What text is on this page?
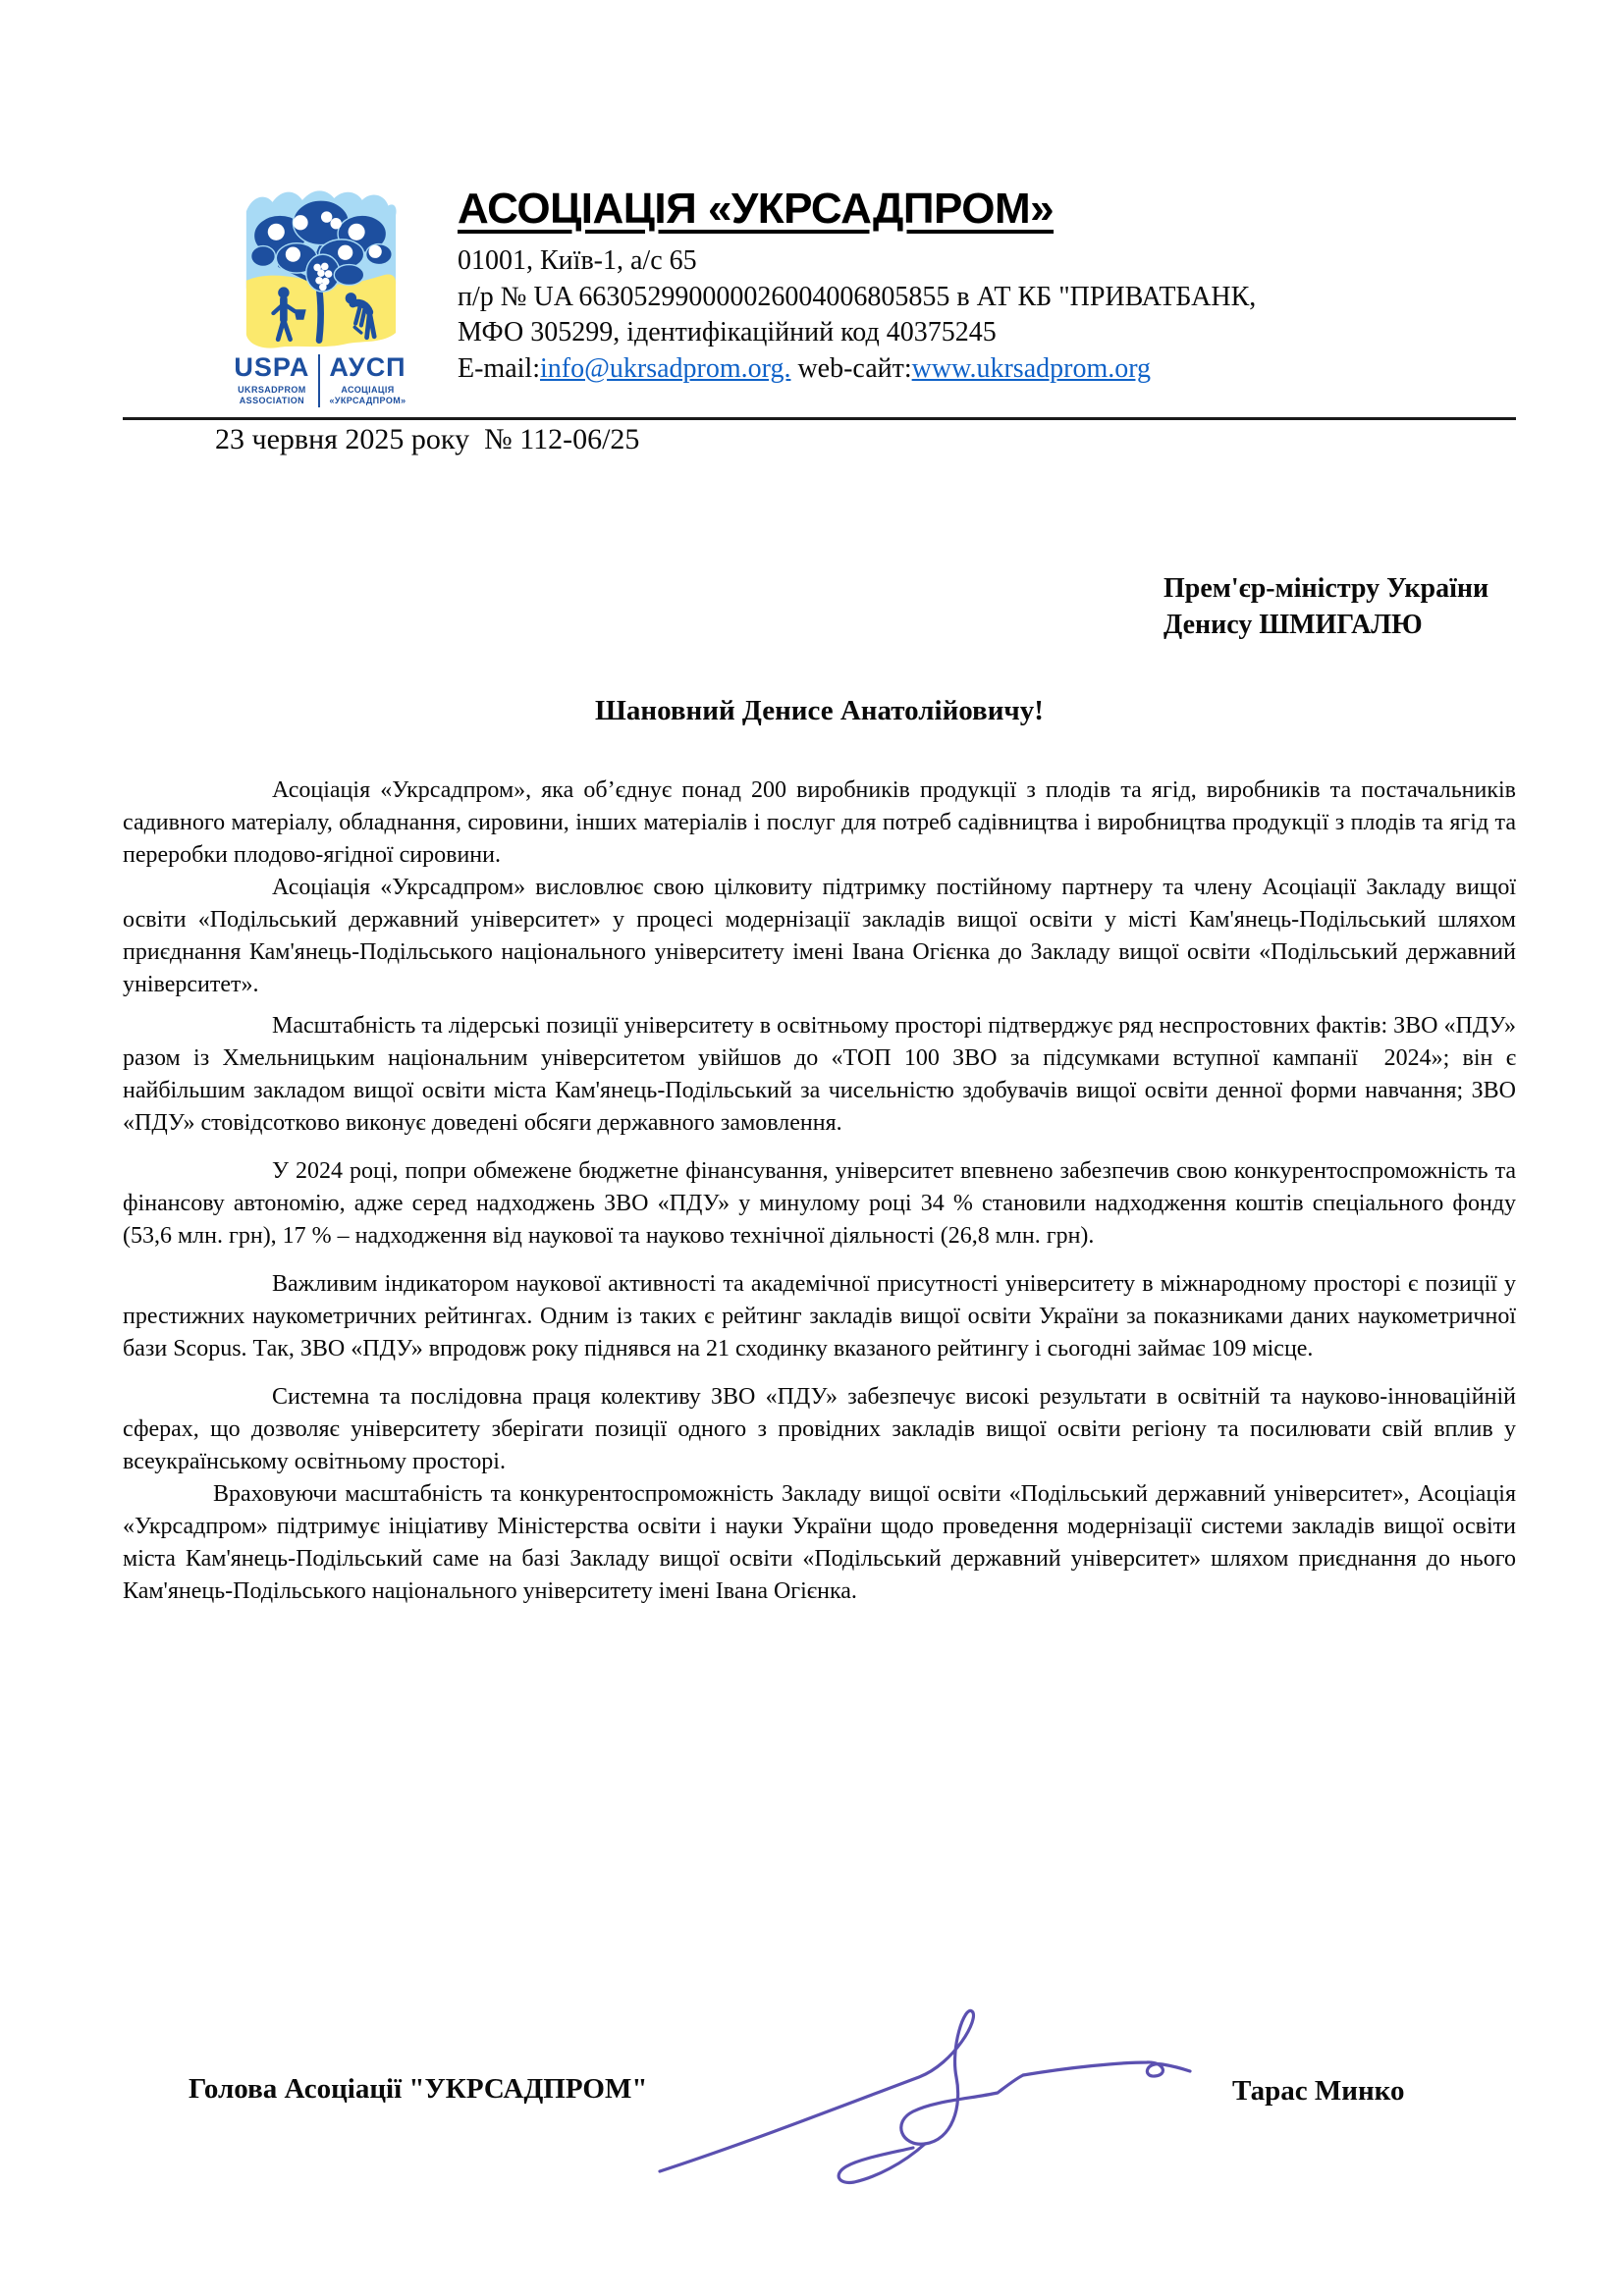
USPA
UKRSADPROM
ASSOCIATION
АУСП
АСОЦІАЦІЯ
«УКРСАДПРОМ»
АСОЦІАЦІЯ «УКРСАДПРОМ»
01001, Київ-1, а/с 65
п/р № UA 663052990000026004006805855 в АТ КБ "ПРИВАТБАНК,
МФО 305299, ідентифікаційний код 40375245
E-mail:info@ukrsadprom.org. web-сайт:www.ukrsadprom.org
23 червня 2025 року  № 112-06/25
Прем'єр-міністру України
Денису ШМИГАЛЮ
Шановний Денисе Анатолійовичу!

Асоціація «Укрсадпром», яка об’єднує понад 200 виробників продукції з плодів та ягід, виробників та постачальників садивного матеріалу, обладнання, сировини, інших матеріалів і послуг для потреб садівництва і виробництва продукції з плодів та ягід та переробки плодово-ягідної сировини.

Асоціація «Укрсадпром» висловлює свою цілковиту підтримку постійному партнеру та члену Асоціації Закладу вищої освіти «Подільський державний університет» у процесі модернізації закладів вищої освіти у місті Кам'янець-Подільський шляхом приєднання Кам'янець-Подільського національного університету імені Івана Огієнка до Закладу вищої освіти «Подільський державний університет».

Масштабність та лідерські позиції університету в освітньому просторі підтверджує ряд неспростовних фактів: ЗВО «ПДУ» разом із Хмельницьким національним університетом увійшов до «ТОП 100 ЗВО за підсумками вступної кампанії  2024»; він є найбільшим закладом вищої освіти міста Кам'янець-Подільський за чисельністю здобувачів вищої освіти денної форми навчання; ЗВО «ПДУ» стовідсотково виконує доведені обсяги державного замовлення.

У 2024 році, попри обмежене бюджетне фінансування, університет впевнено забезпечив свою конкурентоспроможність та фінансову автономію, адже серед надходжень ЗВО «ПДУ» у минулому році 34 % становили надходження коштів спеціального фонду (53,6 млн. грн), 17 % – надходження від наукової та науково технічної діяльності (26,8 млн. грн).

Важливим індикатором наукової активності та академічної присутності університету в міжнародному просторі є позиції у престижних наукометричних рейтингах. Одним із таких є рейтинг закладів вищої освіти України за показниками даних наукометричної бази Scopus. Так, ЗВО «ПДУ» впродовж року піднявся на 21 сходинку вказаного рейтингу і сьогодні займає 109 місце.

Системна та послідовна праця колективу ЗВО «ПДУ» забезпечує високі результати в освітній та науково-інноваційній сферах, що дозволяє університету зберігати позиції одного з провідних закладів вищої освіти регіону та посилювати свій вплив у всеукраїнському освітньому просторі.

Враховуючи масштабність та конкурентоспроможність Закладу вищої освіти «Подільський державний університет», Асоціація «Укрсадпром» підтримує ініціативу Міністерства освіти і науки України щодо проведення модернізації системи закладів вищої освіти міста Кам'янець-Подільський саме на базі Закладу вищої освіти «Подільський державний університет» шляхом приєднання до нього Кам'янець-Подільського національного університету імені Івана Огієнка.

Голова Асоціації "УКРСАДПРОМ"	Тарас Минко
